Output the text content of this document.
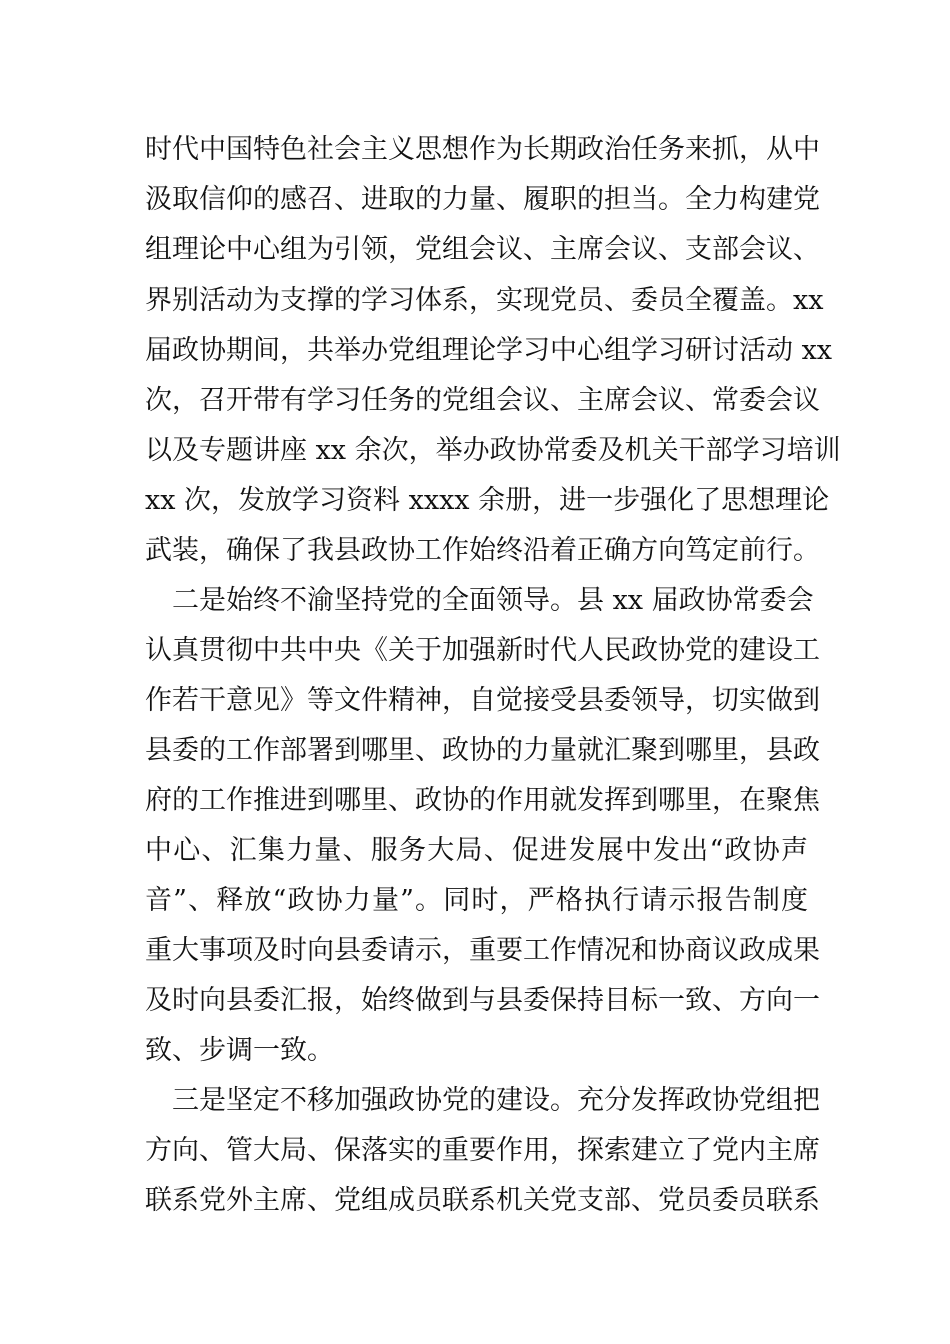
时代中国特色社会主义思想作为长期政治任务来抓，从中
汲取信仰的感召、进取的力量、履职的担当。全力构建党
组理论中心组为引领，党组会议、主席会议、支部会议、
界别活动为支撑的学习体系，实现党员、委员全覆盖。xx
届政协期间，共举办党组理论学习中心组学习研讨活动 xx
次，召开带有学习任务的党组会议、主席会议、常委会议
以及专题讲座 xx 余次，举办政协常委及机关干部学习培训
xx 次，发放学习资料 xxxx 余册，进一步强化了思想理论
武装，确保了我县政协工作始终沿着正确方向笃定前行。
　二是始终不渝坚持党的全面领导。县 xx 届政协常委会
认真贯彻中共中央《关于加强新时代人民政协党的建设工
作若干意见》等文件精神，自觉接受县委领导，切实做到
县委的工作部署到哪里、政协的力量就汇聚到哪里，县政
府的工作推进到哪里、政协的作用就发挥到哪里，在聚焦
中心、汇集力量、服务大局、促进发展中发出“政协声
音”、释放“政协力量”。同时，严格执行请示报告制度
重大事项及时向县委请示，重要工作情况和协商议政成果
及时向县委汇报，始终做到与县委保持目标一致、方向一
致、步调一致。
　三是坚定不移加强政协党的建设。充分发挥政协党组把
方向、管大局、保落实的重要作用，探索建立了党内主席
联系党外主席、党组成员联系机关党支部、党员委员联系
